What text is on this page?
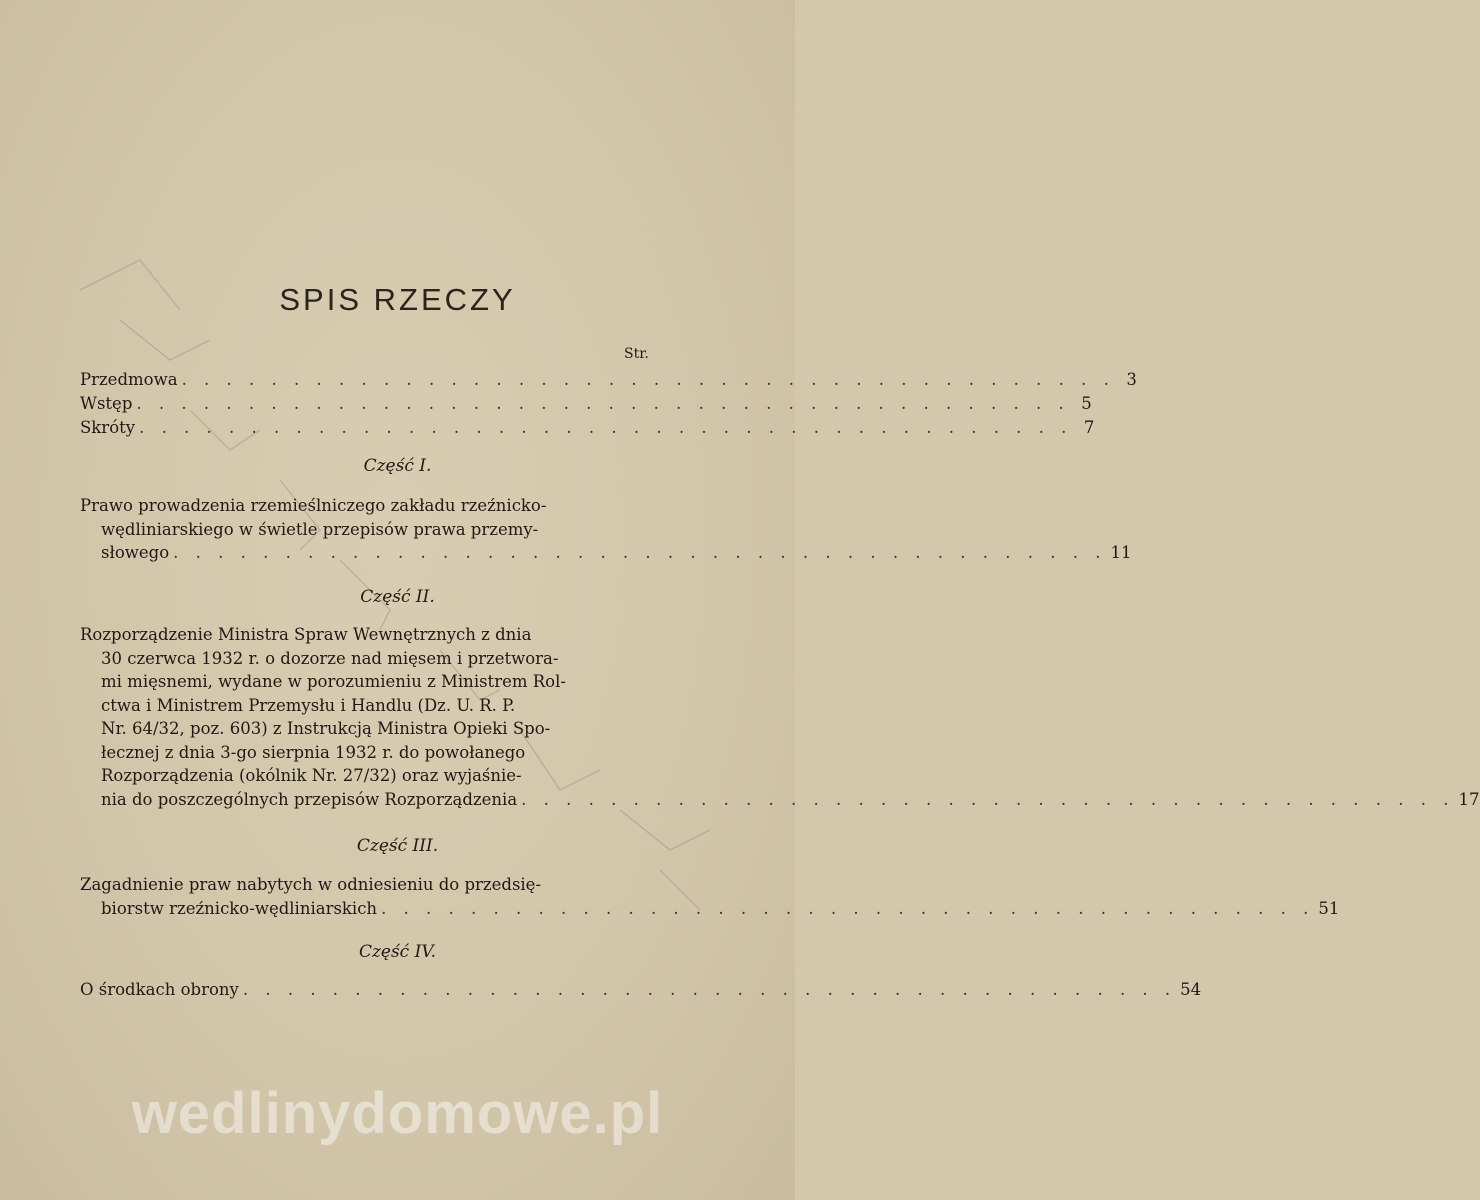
SPIS RZECZY
Str.
Przedmowa . . . . . . . . . . . . . . . . . . . . . . . . . . . . . . . . . . . . . . . . . . 3
Wstęp . . . . . . . . . . . . . . . . . . . . . . . . . . . . . . . . . . . . . . . . . . 5
Skróty . . . . . . . . . . . . . . . . . . . . . . . . . . . . . . . . . . . . . . . . . . 7
Część I.
Prawo prowadzenia rzemieślniczego zakładu rzeźnicko-
wędliniarskiego w świetle przepisów prawa przemy-
słowego . . . . . . . . . . . . . . . . . . . . . . . . . . . . . . . . . . . . . . . . . . 11
Część II.
Rozporządzenie Ministra Spraw Wewnętrznych z dnia
30 czerwca 1932 r. o dozorze nad mięsem i przetwora-
mi mięsnemi, wydane w porozumieniu z Ministrem Rol-
ctwa i Ministrem Przemysłu i Handlu (Dz. U. R. P.
Nr. 64/32, poz. 603) z Instrukcją Ministra Opieki Spo-
łecznej z dnia 3-go sierpnia 1932 r. do powołanego
Rozporządzenia (okólnik Nr. 27/32) oraz wyjaśnie-
nia do poszczególnych przepisów Rozporządzenia . . . . . . . . . . . . . . . . . . . . . . . . . . . . . . . . . . . . . . . . . . 17
Część III.
Zagadnienie praw nabytych w odniesieniu do przedsię-
biorstw rzeźnicko-wędliniarskich . . . . . . . . . . . . . . . . . . . . . . . . . . . . . . . . . . . . . . . . . . 51
Część IV.
O środkach obrony . . . . . . . . . . . . . . . . . . . . . . . . . . . . . . . . . . . . . . . . . . 54
wedlinydomowe.pl
